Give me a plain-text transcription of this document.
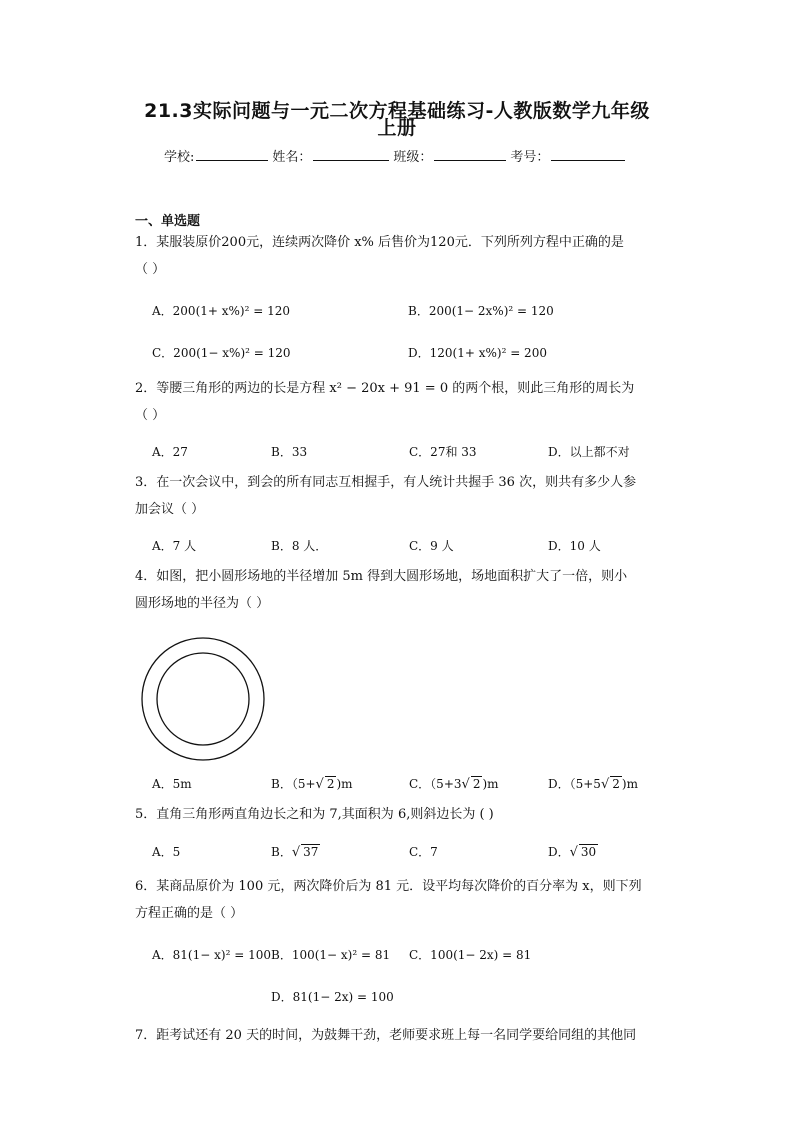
21.3实际问题与一元二次方程基础练习-人教版数学九年级
上册
学校:	姓名：	班级：	考号：
一、单选题
1．某服装原价200元，连续两次降价 x% 后售价为120元．下列所列方程中正确的是
（ ）
A．200(1+ x%)² = 120	B．200(1− 2x%)² = 120
C．200(1− x%)² = 120	D．120(1+ x%)² = 200
2．等腰三角形的两边的长是方程 x² − 20x + 91 = 0 的两个根，则此三角形的周长为
（ ）
A．27	B．33	C．27和 33	D．以上都不对
3．在一次会议中，到会的所有同志互相握手，有人统计共握手 36 次，则共有多少人参
加会议（ ）
A．7 人	B．8 人．	C．9 人	D．10 人
4．如图，把小圆形场地的半径增加 5m 得到大圆形场地，场地面积扩大了一倍，则小
圆形场地的半径为（ ）
A．5m	B．（5+√ 2 )m	C．（5+3√ 2 )m	D．（5+5√ 2 )m
5．直角三角形两直角边长之和为 7,其面积为 6,则斜边长为 ( )
A．5	B．√ 37	C．7	D．√ 30
6．某商品原价为 100 元，两次降价后为 81 元．设平均每次降价的百分率为 x，则下列
方程正确的是（ ）
A．81(1− x)² = 100 B．100(1− x)² = 81 C．100(1− 2x) = 81
D．81(1− 2x) = 100
7．距考试还有 20 天的时间，为鼓舞干劲，老师要求班上每一名同学要给同组的其他同
